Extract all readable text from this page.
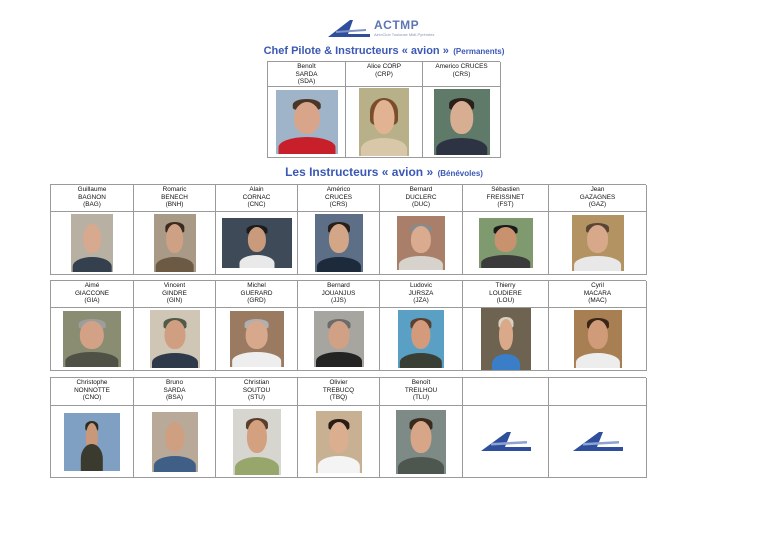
ACTMP
AéroClub Toulouse Midi-Pyrénées
Chef Pilote & Instructeurs « avion » (Permanents)
Benoît
SARDA
(SDA)
Alice CORP
(CRP)
Americo CRUCES
(CRS)

Les Instructeurs « avion » (Bénévoles)
Guillaume
BAGNON
(BAG)
Romaric
BENECH
(BNH)
Alain
CORNAC
(CNC)
Américo
CRUCES
(CRS)
Bernard
DUCLERC
(DUC)
Sébastien
FREISSINET
(FST)
Jean
GAZAGNES
(GAZ)

Aimé
GIACCONE
(GIA)
Vincent
GINDRE
(GIN)
Michel
GUERARD
(GRD)
Bernard
JOUANJUS
(JJS)
Ludovic
JURSZA
(JZA)
Thierry
LOUDIERE
(LOU)
Cyril
MACARA
(MAC)

Christophe
NONNOTTE
(CNO)
Bruno
SARDA
(BSA)
Christian
SOUTOU
(STU)
Olivier
TREBUCQ
(TBQ)
Benoît
TREILHOU
(TLU)
